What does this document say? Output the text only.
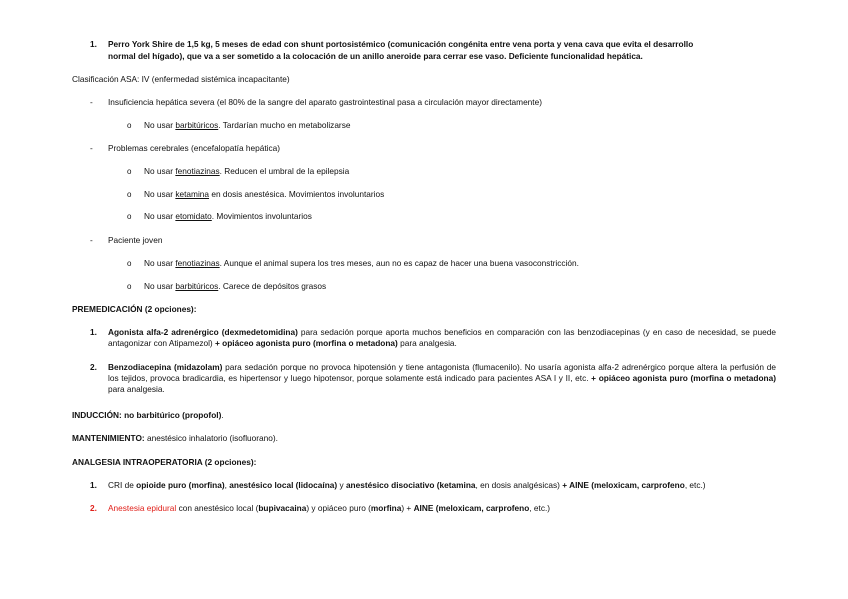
1. Perro York Shire de 1,5 kg, 5 meses de edad con shunt portosistémico (comunicación congénita entre vena porta y vena cava que evita el desarrollo
normal del hígado), que va a ser sometido a la colocación de un anillo aneroide para cerrar ese vaso. Deficiente funcionalidad hepática.
Clasificación ASA: IV (enfermedad sistémica incapacitante)
- Insuficiencia hepática severa (el 80% de la sangre del aparato gastrointestinal pasa a circulación mayor directamente)
o No usar barbitúricos. Tardarían mucho en metabolizarse
- Problemas cerebrales (encefalopatía hepática)
o No usar fenotiazinas. Reducen el umbral de la epilepsia
o No usar ketamina en dosis anestésica. Movimientos involuntarios
o No usar etomidato. Movimientos involuntarios
- Paciente joven
o No usar fenotiazinas. Aunque el animal supera los tres meses, aun no es capaz de hacer una buena vasoconstricción.
o No usar barbitúricos. Carece de depósitos grasos
PREMEDICACIÓN (2 opciones):
1. Agonista alfa-2 adrenérgico (dexmedetomidina) para sedación porque aporta muchos beneficios en comparación con las benzodiacepinas (y en caso de necesidad, se puede antagonizar con Atipamezol) + opiáceo agonista puro (morfina o metadona) para analgesia.
2. Benzodiacepina (midazolam) para sedación porque no provoca hipotensión y tiene antagonista (flumacenilo). No usaría agonista alfa-2 adrenérgico porque altera la perfusión de los tejidos, provoca bradicardia, es hipertensor y luego hipotensor, porque solamente está indicado para pacientes ASA I y II, etc. + opiáceo agonista puro (morfina o metadona) para analgesia.
INDUCCIÓN: no barbitúrico (propofol).
MANTENIMIENTO: anestésico inhalatorio (isofluorano).
ANALGESIA INTRAOPERATORIA (2 opciones):
1. CRI de opioide puro (morfina), anestésico local (lidocaína) y anestésico disociativo (ketamina, en dosis analgésicas) + AINE (meloxicam, carprofeno, etc.)
2. Anestesia epidural con anestésico local (bupivacaina) y opiáceo puro (morfina) + AINE (meloxicam, carprofeno, etc.)
